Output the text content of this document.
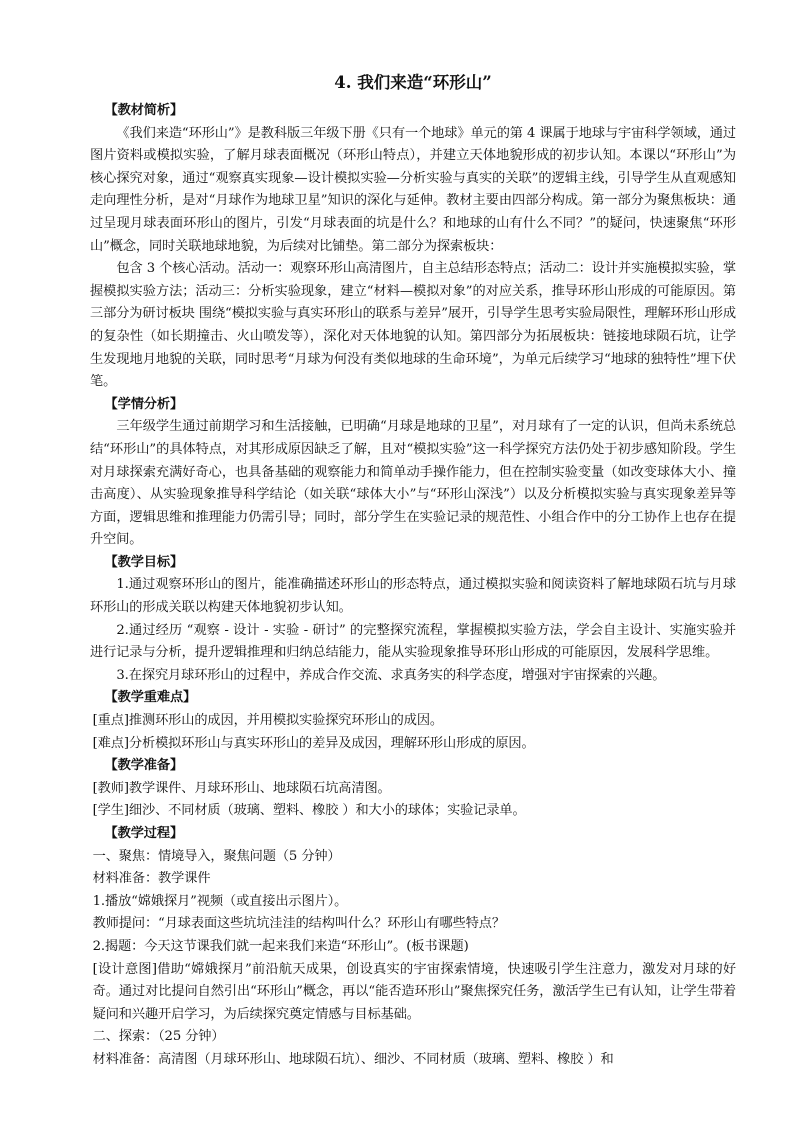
4. 我们来造“环形山”

【教材简析】

《我们来造“环形山”》是教科版三年级下册《只有一个地球》单元的第 4 课属于地球与宇宙科学领域，通过图片资料或模拟实验，了解月球表面概况（环形山特点），并建立天体地貌形成的初步认知。本课以“环形山”为核心探究对象，通过“观察真实现象—设计模拟实验—分析实验与真实的关联”的逻辑主线，引导学生从直观感知走向理性分析，是对“月球作为地球卫星”知识的深化与延伸。教材主要由四部分构成。第一部分为聚焦板块：通过呈现月球表面环形山的图片，引发“月球表面的坑是什么？和地球的山有什么不同？”的疑问，快速聚焦“环形山”概念，同时关联地球地貌，为后续对比铺垫。第二部分为探索板块：

包含 3 个核心活动。活动一：观察环形山高清图片，自主总结形态特点；活动二：设计并实施模拟实验，掌握模拟实验方法；活动三：分析实验现象，建立“材料—模拟对象”的对应关系，推导环形山形成的可能原因。第三部分为研讨板块 围绕“模拟实验与真实环形山的联系与差异”展开，引导学生思考实验局限性，理解环形山形成的复杂性（如长期撞击、火山喷发等），深化对天体地貌的认知。第四部分为拓展板块：链接地球陨石坑，让学生发现地月地貌的关联，同时思考“月球为何没有类似地球的生命环境”，为单元后续学习“地球的独特性”埋下伏笔。

【学情分析】

三年级学生通过前期学习和生活接触，已明确“月球是地球的卫星”，对月球有了一定的认识，但尚未系统总结“环形山”的具体特点，对其形成原因缺乏了解，且对“模拟实验”这一科学探究方法仍处于初步感知阶段。学生对月球探索充满好奇心，也具备基础的观察能力和简单动手操作能力，但在控制实验变量（如改变球体大小、撞击高度）、从实验现象推导科学结论（如关联“球体大小”与“环形山深浅”）以及分析模拟实验与真实现象差异等方面，逻辑思维和推理能力仍需引导；同时，部分学生在实验记录的规范性、小组合作中的分工协作上也存在提升空间。

【教学目标】

1.通过观察环形山的图片，能准确描述环形山的形态特点，通过模拟实验和阅读资料了解地球陨石坑与月球环形山的形成关联以构建天体地貌初步认知。

2.通过经历 “观察 - 设计 - 实验 - 研讨” 的完整探究流程，掌握模拟实验方法，学会自主设计、实施实验并进行记录与分析，提升逻辑推理和归纳总结能力，能从实验现象推导环形山形成的可能原因，发展科学思维。

3.在探究月球环形山的过程中，养成合作交流、求真务实的科学态度，增强对宇宙探索的兴趣。

【教学重难点】

[重点]推测环形山的成因，并用模拟实验探究环形山的成因。

[难点]分析模拟环形山与真实环形山的差异及成因，理解环形山形成的原因。

【教学准备】

[教师]教学课件、月球环形山、地球陨石坑高清图。

[学生]细沙、不同材质（玻璃、塑料、橡胶 ）和大小的球体；实验记录单。

【教学过程】

一、聚焦：情境导入，聚焦问题（5 分钟）

材料准备：教学课件

1.播放“嫦娥探月”视频（或直接出示图片）。

教师提问：“月球表面这些坑坑洼洼的结构叫什么？环形山有哪些特点？

2.揭题：今天这节课我们就一起来我们来造“环形山”。(板书课题)

[设计意图]借助“嫦娥探月”前沿航天成果，创设真实的宇宙探索情境，快速吸引学生注意力，激发对月球的好奇。通过对比提问自然引出“环形山”概念，再以“能否造环形山”聚焦探究任务，激活学生已有认知，让学生带着疑问和兴趣开启学习，为后续探究奠定情感与目标基础。

二、探索：（25 分钟）

材料准备：高清图（月球环形山、地球陨石坑）、细沙、不同材质（玻璃、塑料、橡胶 ）和
